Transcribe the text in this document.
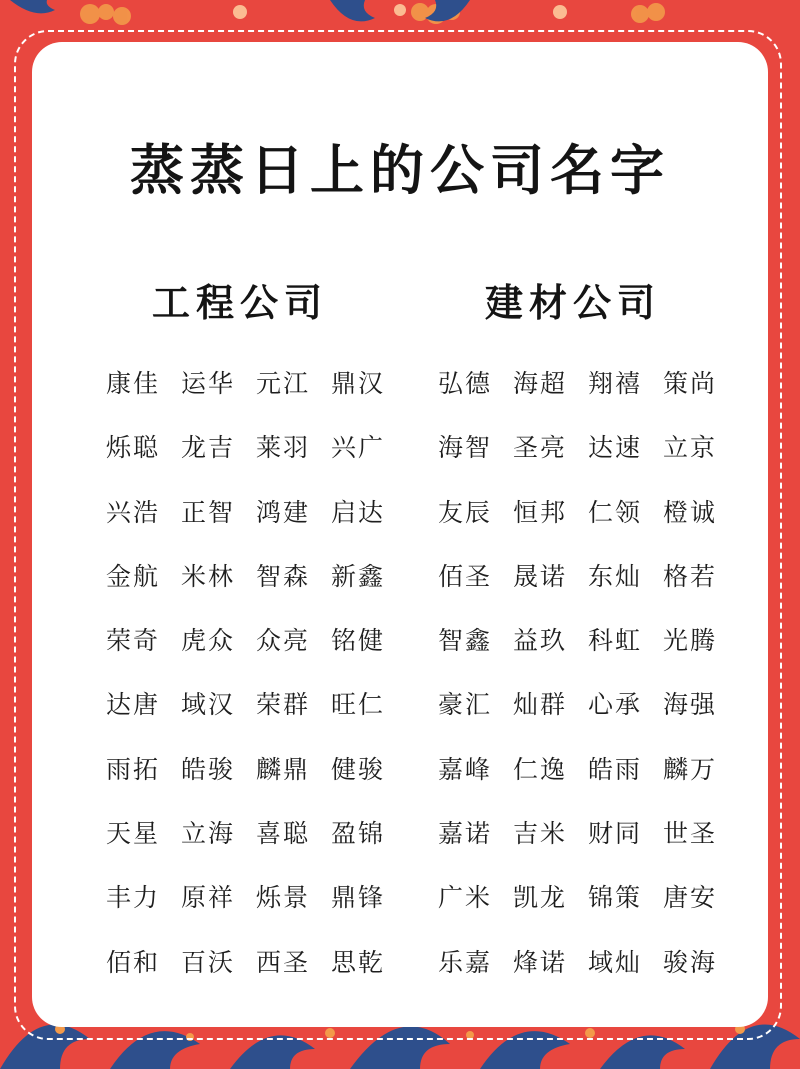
蒸蒸日上的公司名字
工程公司	建材公司
康佳 运华 元江 鼎汉
烁聪 龙吉 莱羽 兴广
兴浩 正智 鸿建 启达
金航 米林 智森 新鑫
荣奇 虎众 众亮 铭健
达唐 域汉 荣群 旺仁
雨拓 皓骏 麟鼎 健骏
天星 立海 喜聪 盈锦
丰力 原祥 烁景 鼎锋
佰和 百沃 西圣 思乾
弘德 海超 翔禧 策尚
海智 圣亮 达速 立京
友辰 恒邦 仁领 橙诚
佰圣 晟诺 东灿 格若
智鑫 益玖 科虹 光腾
豪汇 灿群 心承 海强
嘉峰 仁逸 皓雨 麟万
嘉诺 吉米 财同 世圣
广米 凯龙 锦策 唐安
乐嘉 烽诺 域灿 骏海
